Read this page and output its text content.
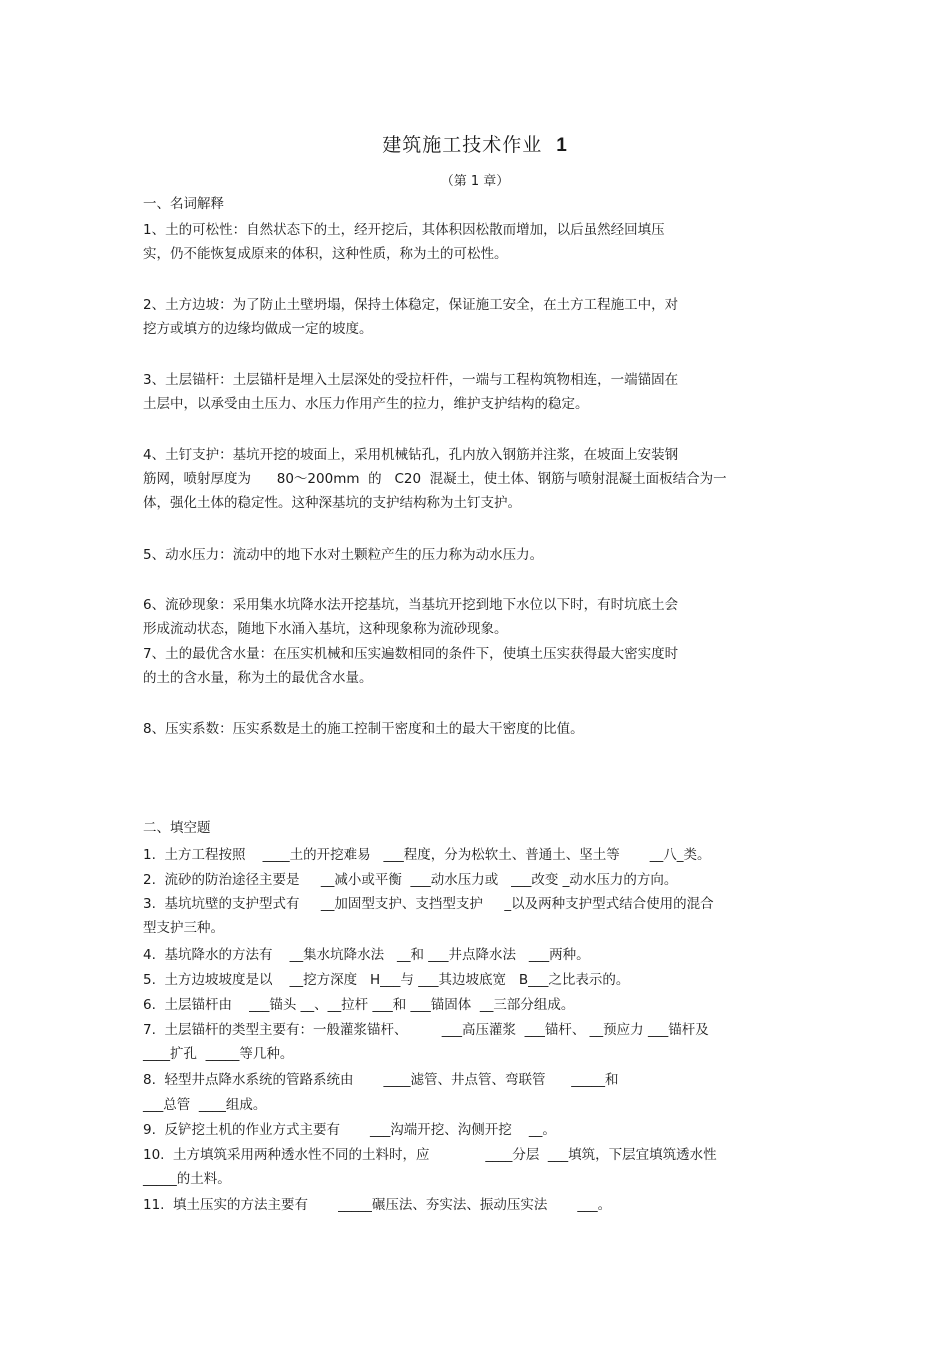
建筑施工技术作业 1
（第 1 章）
一、名词解释
1、土的可松性：自然状态下的土，经开挖后，其体积因松散而增加，以后虽然经回填压
实，仍不能恢复成原来的体积，这种性质，称为土的可松性。
2、土方边坡：为了防止土壁坍塌，保持土体稳定，保证施工安全，在土方工程施工中，对
挖方或填方的边缘均做成一定的坡度。
3、土层锚杆：土层锚杆是埋入土层深处的受拉杆件，一端与工程构筑物相连，一端锚固在
土层中，以承受由土压力、水压力作用产生的拉力，维护支护结构的稳定。
4、土钉支护：基坑开挖的坡面上，采用机械钻孔，孔内放入钢筋并注浆，在坡面上安装钢
筋网，喷射厚度为      80～200mm  的   C20  混凝土，使土体、钢筋与喷射混凝土面板结合为一
体，强化土体的稳定性。这种深基坑的支护结构称为土钉支护。
5、动水压力：流动中的地下水对土颗粒产生的压力称为动水压力。
6、流砂现象：采用集水坑降水法开挖基坑，当基坑开挖到地下水位以下时，有时坑底土会
形成流动状态，随地下水涌入基坑，这种现象称为流砂现象。
7、土的最优含水量：在压实机械和压实遍数相同的条件下，使填土压实获得最大密实度时
的土的含水量，称为土的最优含水量。
8、压实系数：压实系数是土的施工控制干密度和土的最大干密度的比值。
二、填空题
1.  土方工程按照    ____土的开挖难易   ___程度，分为松软土、普通土、坚土等       __八_类。
2.  流砂的防治途径主要是     __减小或平衡  ___动水压力或   ___改变 _动水压力的方向。
3.  基坑坑壁的支护型式有     __加固型支护、支挡型支护     _以及两种支护型式结合使用的混合
型支护三种。
4.  基坑降水的方法有    __集水坑降水法   __和 ___井点降水法   ___两种。
5.  土方边坡坡度是以    __挖方深度   H___与 ___其边坡底宽   B___之比表示的。
6.  土层锚杆由    ___锚头 __、__拉杆 ___和 ___锚固体  __三部分组成。
7.  土层锚杆的类型主要有：一般灌浆锚杆、        ___高压灌浆  ___锚杆、 __预应力 ___锚杆及
____扩孔  _____等几种。
8.  轻型井点降水系统的管路系统由       ____滤管、井点管、弯联管      _____和
___总管  ____组成。
9.  反铲挖土机的作业方式主要有       ___沟端开挖、沟侧开挖    __。
10.  土方填筑采用两种透水性不同的土料时，应             ____分层  ___填筑，下层宜填筑透水性
_____的土料。
11.  填土压实的方法主要有       _____碾压法、夯实法、振动压实法       ___。
